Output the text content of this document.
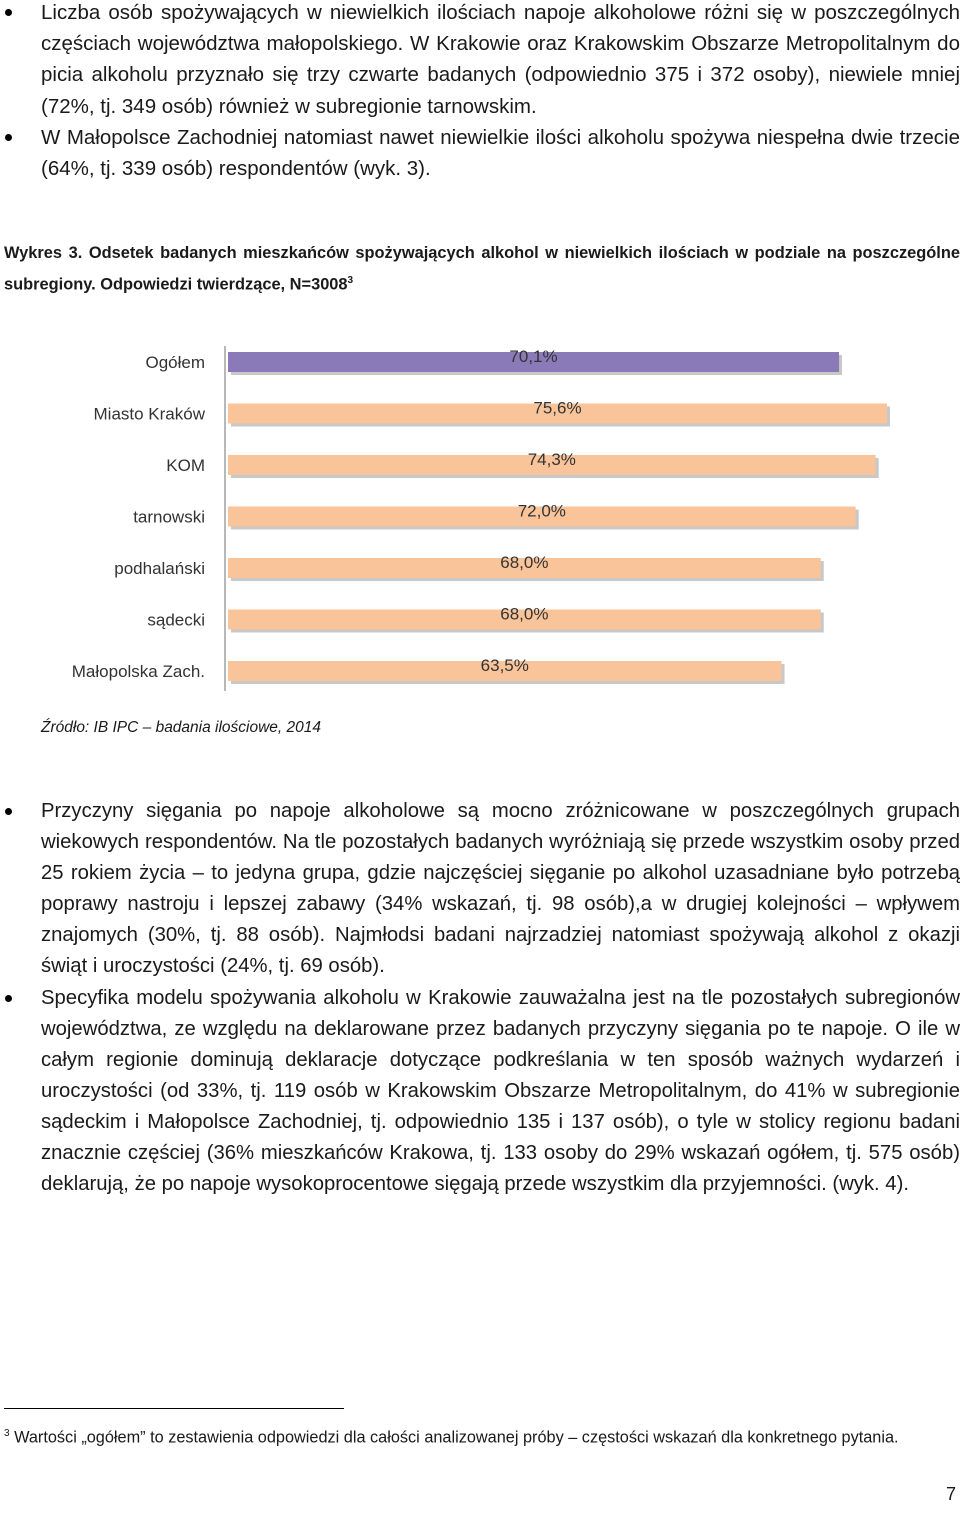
Liczba osób spożywających w niewielkich ilościach napoje alkoholowe różni się w poszczególnych częściach województwa małopolskiego. W Krakowie oraz Krakowskim Obszarze Metropolitalnym do picia alkoholu przyznało się trzy czwarte badanych (odpowiednio 375 i 372 osoby), niewiele mniej (72%, tj. 349 osób) również w subregionie tarnowskim.
W Małopolsce Zachodniej natomiast nawet niewielkie ilości alkoholu spożywa niespełna dwie trzecie (64%, tj. 339 osób) respondentów (wyk. 3).
Wykres 3. Odsetek badanych mieszkańców spożywających alkohol w niewielkich ilościach w podziale na poszczególne subregiony. Odpowiedzi twierdzące, $N=3008^3$
Ogółem	70,1%
Miasto Kraków	75,6%
KOM	74,3%
tarnowski	72,0%
podhalański	68,0%
sądecki	68,0%
Małopolska Zach.	63,5%
Źródło: IB IPC – badania ilościowe, 2014
Przyczyny sięgania po napoje alkoholowe są mocno zróżnicowane w poszczególnych grupach wiekowych respondentów. Na tle pozostałych badanych wyróżniają się przede wszystkim osoby przed 25 rokiem życia – to jedyna grupa, gdzie najczęściej sięganie po alkohol uzasadniane było potrzebą poprawy nastroju i lepszej zabawy (34% wskazań, tj. 98 osób),a w drugiej kolejności – wpływem znajomych (30%, tj. 88 osób). Najmłodsi badani najrzadziej natomiast spożywają alkohol z okazji świąt i uroczystości (24%, tj. 69 osób).
Specyfika modelu spożywania alkoholu w Krakowie zauważalna jest na tle pozostałych subregionów województwa, ze względu na deklarowane przez badanych przyczyny sięgania po te napoje. O ile w całym regionie dominują deklaracje dotyczące podkreślania w ten sposób ważnych wydarzeń i uroczystości (od 33%, tj. 119 osób w Krakowskim Obszarze Metropolitalnym, do 41% w subregionie sądeckim i Małopolsce Zachodniej, tj. odpowiednio 135 i 137 osób), o tyle w stolicy regionu badani znacznie częściej (36% mieszkańców Krakowa, tj. 133 osoby do 29% wskazań ogółem, tj. 575 osób) deklarują, że po napoje wysokoprocentowe sięgają przede wszystkim dla przyjemności. (wyk. 4).
$^3$ Wartości „ogółem” to zestawienia odpowiedzi dla całości analizowanej próby – częstości wskazań dla konkretnego pytania.
7
